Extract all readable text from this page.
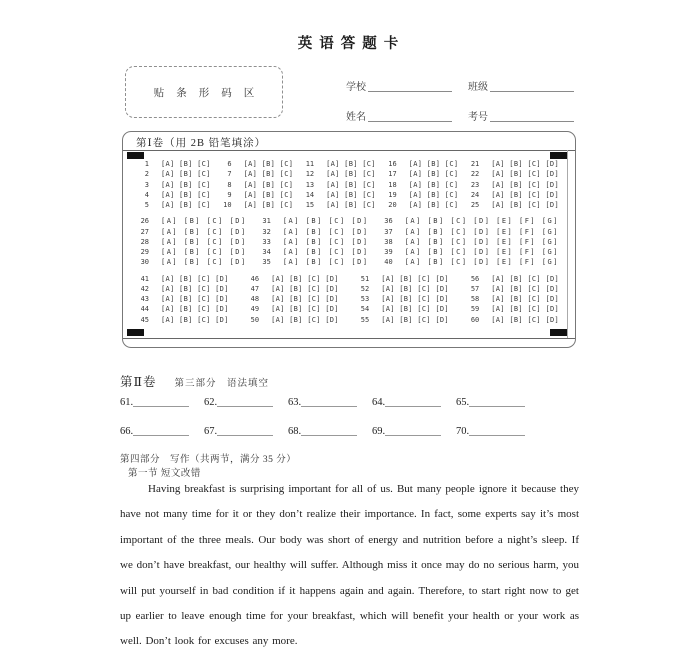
英语答题卡
贴条形码区	学校	班级
姓名	考号
第Ⅰ卷（用 2B 铅笔填涂）
1 [A] [B] [C]
2 [A] [B] [C]
3 [A] [B] [C]
4 [A] [B] [C]
5 [A] [B] [C]
6 [A] [B] [C]
7 [A] [B] [C]
8 [A] [B] [C]
9 [A] [B] [C]
10 [A] [B] [C]
11 [A] [B] [C]
12 [A] [B] [C]
13 [A] [B] [C]
14 [A] [B] [C]
15 [A] [B] [C]
16 [A] [B] [C]
17 [A] [B] [C]
18 [A] [B] [C]
19 [A] [B] [C]
20 [A] [B] [C]
21 [A] [B] [C] [D]
22 [A] [B] [C] [D]
23 [A] [B] [C] [D]
24 [A] [B] [C] [D]
25 [A] [B] [C] [D]
26 [A] [B] [C] [D]
27 [A] [B] [C] [D]
28 [A] [B] [C] [D]
29 [A] [B] [C] [D]
30 [A] [B] [C] [D]
31 [A] [B] [C] [D]
32 [A] [B] [C] [D]
33 [A] [B] [C] [D]
34 [A] [B] [C] [D]
35 [A] [B] [C] [D]
36 [A] [B] [C] [D] [E] [F] [G]
37 [A] [B] [C] [D] [E] [F] [G]
38 [A] [B] [C] [D] [E] [F] [G]
39 [A] [B] [C] [D] [E] [F] [G]
40 [A] [B] [C] [D] [E] [F] [G]
41 [A] [B] [C] [D]
42 [A] [B] [C] [D]
43 [A] [B] [C] [D]
44 [A] [B] [C] [D]
45 [A] [B] [C] [D]
46 [A] [B] [C] [D]
47 [A] [B] [C] [D]
48 [A] [B] [C] [D]
49 [A] [B] [C] [D]
50 [A] [B] [C] [D]
51 [A] [B] [C] [D]
52 [A] [B] [C] [D]
53 [A] [B] [C] [D]
54 [A] [B] [C] [D]
55 [A] [B] [C] [D]
56 [A] [B] [C] [D]
57 [A] [B] [C] [D]
58 [A] [B] [C] [D]
59 [A] [B] [C] [D]
60 [A] [B] [C] [D]
第Ⅱ卷 第三部分　语法填空
61.	62.	63.	64.	65.
66.	67.	68.	69.	70.
第四部分　写作（共两节，满分 35 分）
第一节 短文改错
Having breakfast is surprising important for all of us. But many people ignore it because they have not many time for it or they don’t realize their importance. In fact, some experts say it’s most important of the three meals. Our body was short of energy and nutrition before a night’s sleep. If we don’t have breakfast, our healthy will suffer. Although miss it once may do no serious harm, you will put yourself in bad condition if it happens again and again. Therefore, to start right now to get up earlier to leave enough time for your breakfast, which will benefit your health or your work as well. Don’t look for excuses any more.
